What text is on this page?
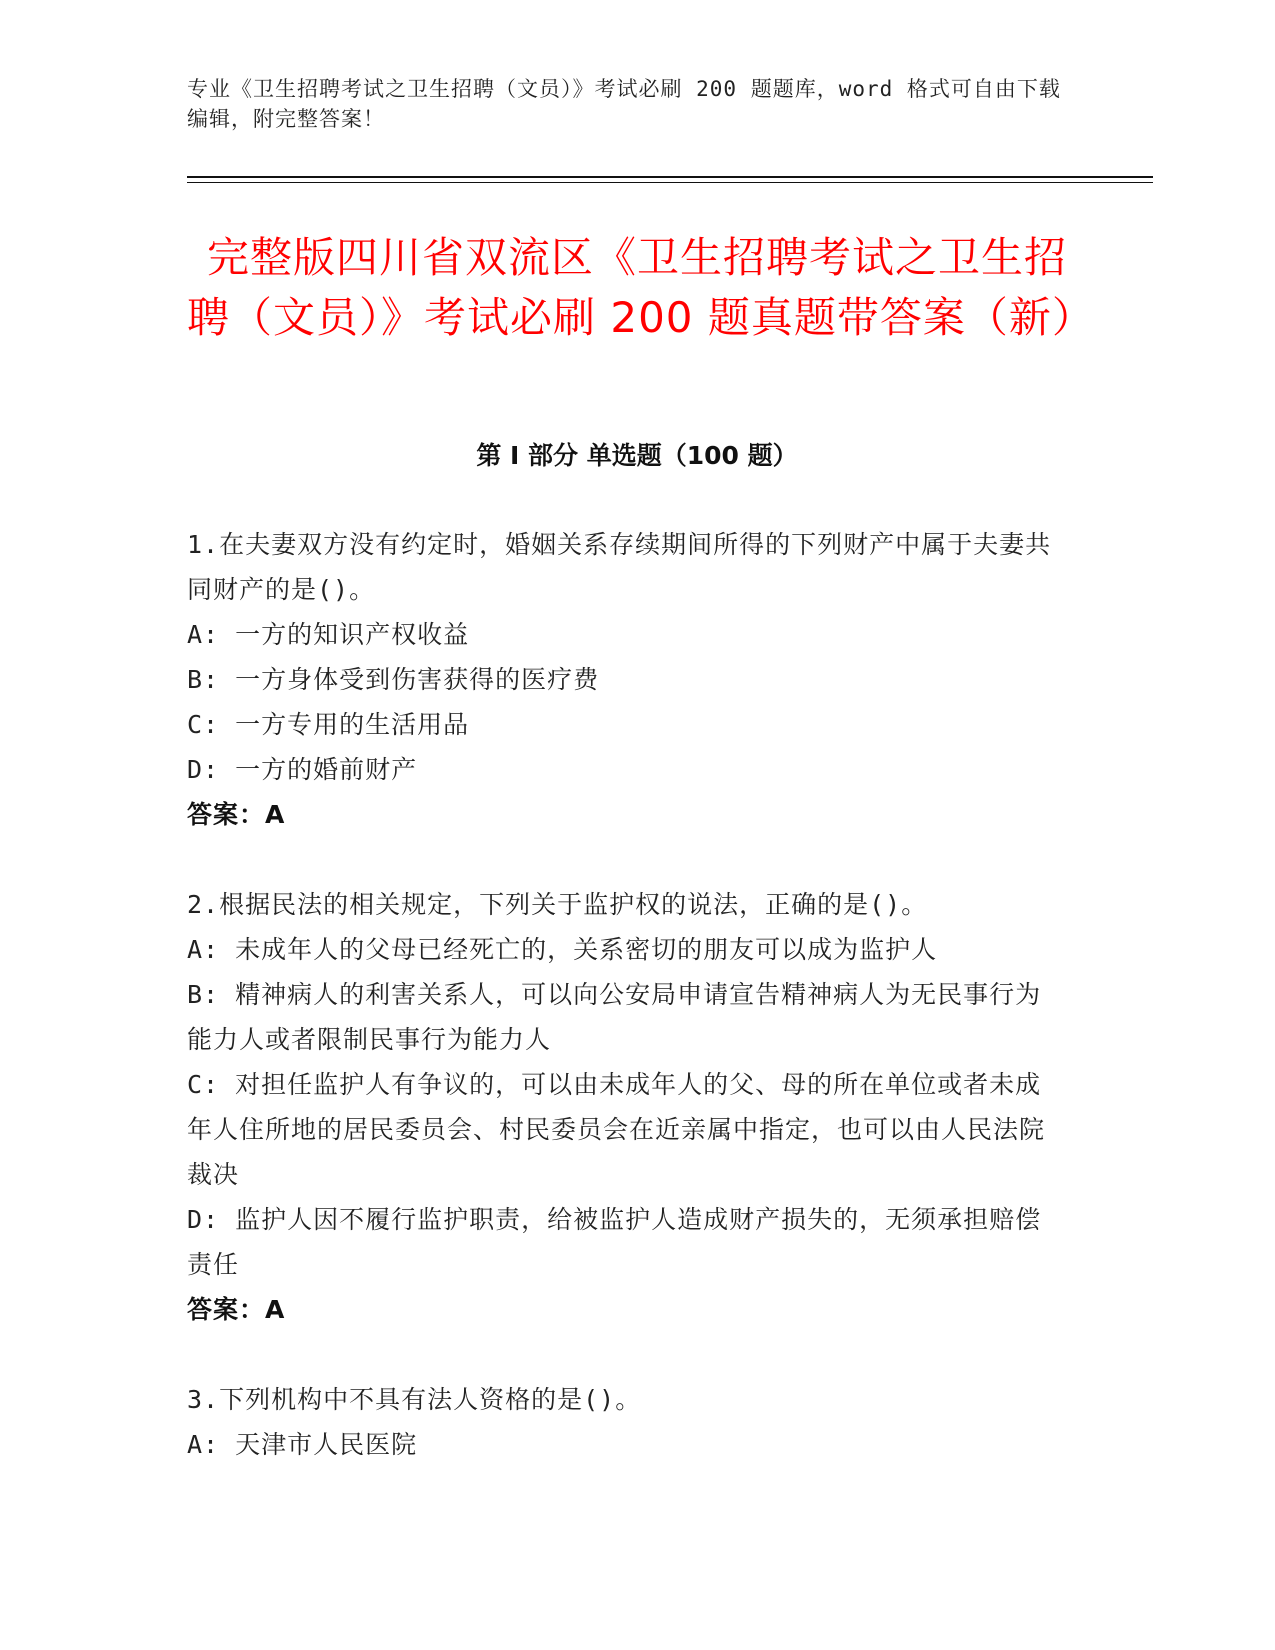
专业《卫生招聘考试之卫生招聘（文员）》考试必刷 200 题题库，word 格式可自由下载编辑，附完整答案！
完整版四川省双流区《卫生招聘考试之卫生招聘（文员）》考试必刷 200 题真题带答案（新）
第 I 部分 单选题（100 题）

1.在夫妻双方没有约定时，婚姻关系存续期间所得的下列财产中属于夫妻共同财产的是()。

A: 一方的知识产权收益

B: 一方身体受到伤害获得的医疗费

C: 一方专用的生活用品

D: 一方的婚前财产

答案：A

2.根据民法的相关规定，下列关于监护权的说法，正确的是()。

A: 未成年人的父母已经死亡的，关系密切的朋友可以成为监护人

B: 精神病人的利害关系人，可以向公安局申请宣告精神病人为无民事行为能力人或者限制民事行为能力人

C: 对担任监护人有争议的，可以由未成年人的父、母的所在单位或者未成年人住所地的居民委员会、村民委员会在近亲属中指定，也可以由人民法院裁决

D: 监护人因不履行监护职责，给被监护人造成财产损失的，无须承担赔偿责任

答案：A

3.下列机构中不具有法人资格的是()。

A: 天津市人民医院
